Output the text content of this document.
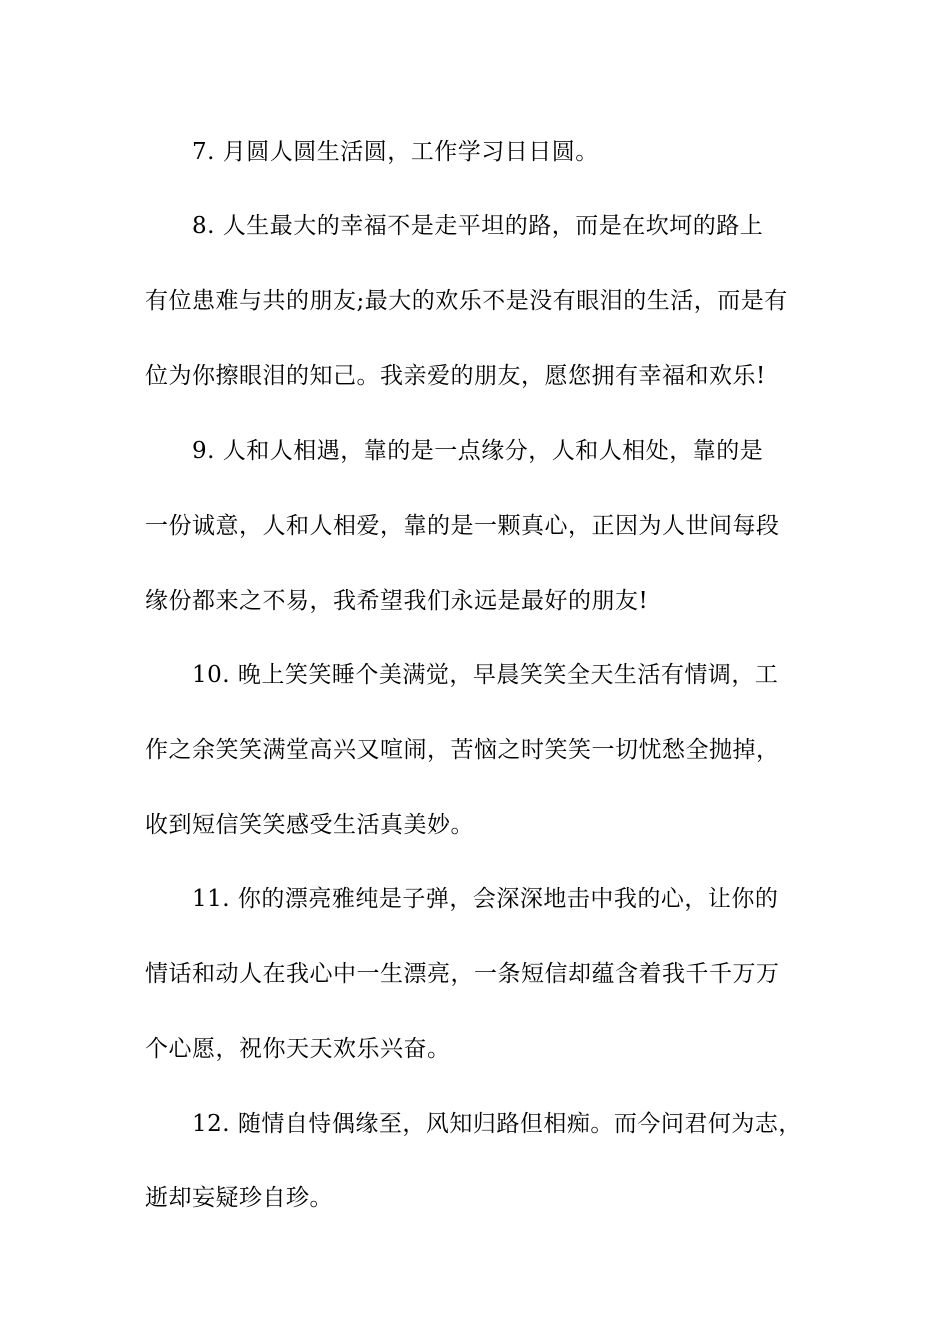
7. 月圆人圆生活圆，工作学习日日圆。
8. 人生最大的幸福不是走平坦的路，而是在坎坷的路上
有位患难与共的朋友;最大的欢乐不是没有眼泪的生活，而是有
位为你擦眼泪的知己。我亲爱的朋友，愿您拥有幸福和欢乐!
9. 人和人相遇，靠的是一点缘分，人和人相处，靠的是
一份诚意，人和人相爱，靠的是一颗真心，正因为人世间每段
缘份都来之不易，我希望我们永远是最好的朋友!
10. 晚上笑笑睡个美满觉，早晨笑笑全天生活有情调，工
作之余笑笑满堂高兴又喧闹，苦恼之时笑笑一切忧愁全抛掉，
收到短信笑笑感受生活真美妙。
11. 你的漂亮雅纯是子弹，会深深地击中我的心，让你的
情话和动人在我心中一生漂亮，一条短信却蕴含着我千千万万
个心愿，祝你天天欢乐兴奋。
12. 随情自恃偶缘至，风知归路但相痴。而今问君何为志，
逝却妄疑珍自珍。
